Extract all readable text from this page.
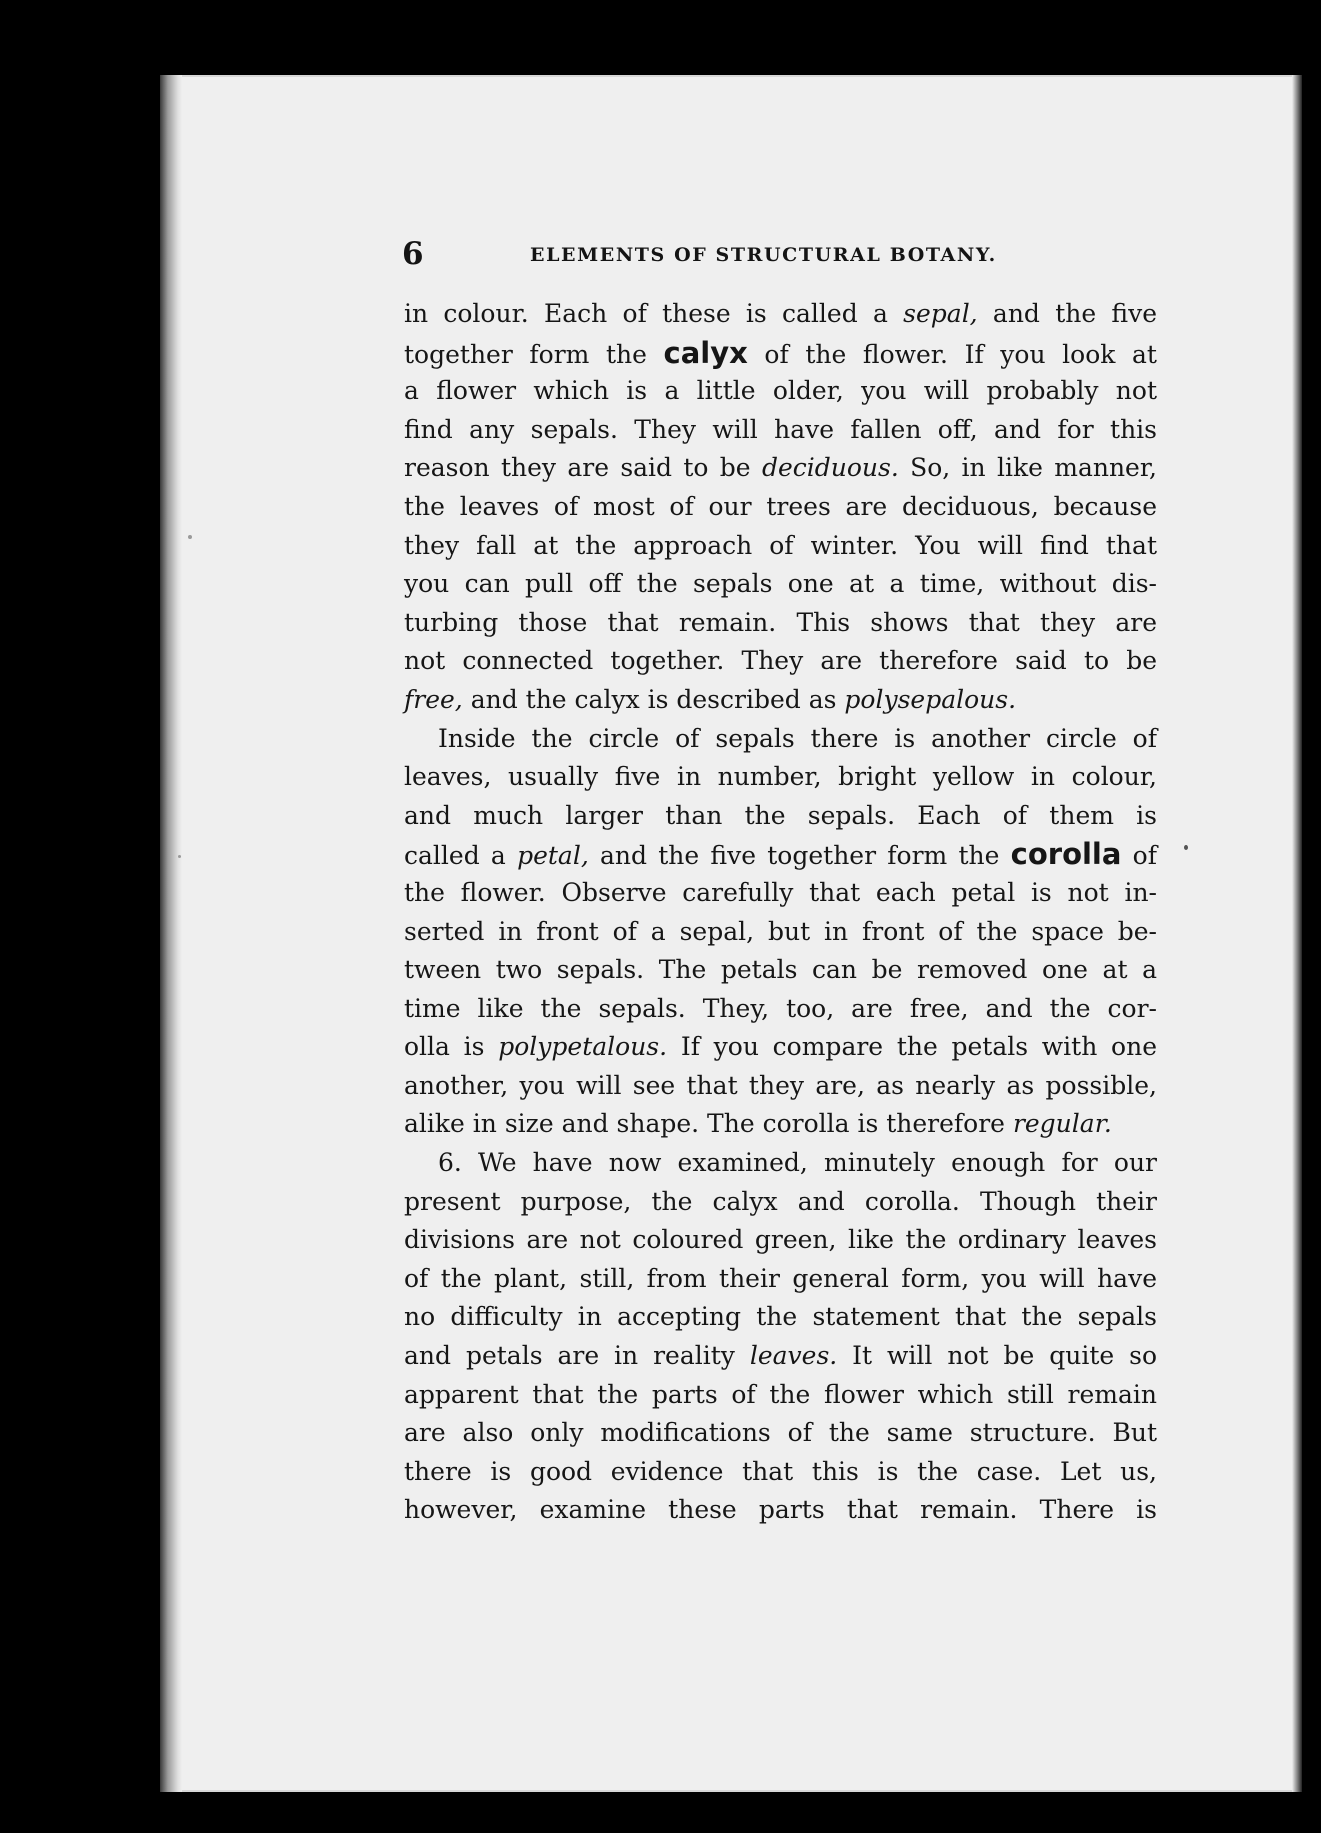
6	ELEMENTS OF STRUCTURAL BOTANY.
in colour. Each of these is called a sepal, and the five
together form the calyx of the flower. If you look at
a flower which is a little older, you will probably not
find any sepals. They will have fallen off, and for this
reason they are said to be deciduous. So, in like manner,
the leaves of most of our trees are deciduous, because
they fall at the approach of winter. You will find that
you can pull off the sepals one at a time, without dis-
turbing those that remain. This shows that they are
not connected together. They are therefore said to be
free, and the calyx is described as polysepalous.
Inside the circle of sepals there is another circle of
leaves, usually five in number, bright yellow in colour,
and much larger than the sepals. Each of them is
called a petal, and the five together form the corolla of
the flower. Observe carefully that each petal is not in-
serted in front of a sepal, but in front of the space be-
tween two sepals. The petals can be removed one at a
time like the sepals. They, too, are free, and the cor-
olla is polypetalous. If you compare the petals with one
another, you will see that they are, as nearly as possible,
alike in size and shape. The corolla is therefore regular.
6. We have now examined, minutely enough for our
present purpose, the calyx and corolla. Though their
divisions are not coloured green, like the ordinary leaves
of the plant, still, from their general form, you will have
no difficulty in accepting the statement that the sepals
and petals are in reality leaves. It will not be quite so
apparent that the parts of the flower which still remain
are also only modifications of the same structure. But
there is good evidence that this is the case. Let us,
however, examine these parts that remain. There is
